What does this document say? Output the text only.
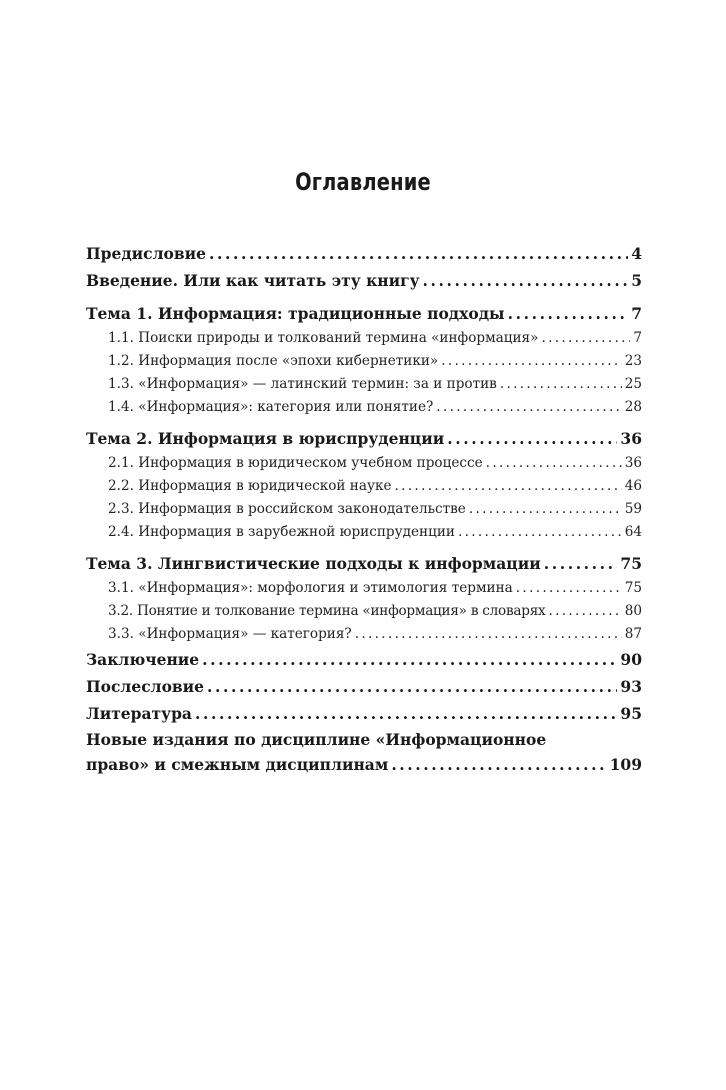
Оглавление
Предисловие . . .	4
Введение. Или как читать эту книгу . . .	5
Тема 1. Информация: традиционные подходы . . .	7
1.1. Поиски природы и толкований термина «информация» . . .	7
1.2. Информация после «эпохи кибернетики» . . .	23
1.3. «Информация» — латинский термин: за и против . . .	25
1.4. «Информация»: категория или понятие? . . .	28
Тема 2. Информация в юриспруденции . . .	36
2.1. Информация в юридическом учебном процессе . . .	36
2.2. Информация в юридической науке . . .	46
2.3. Информация в российском законодательстве . . .	59
2.4. Информация в зарубежной юриспруденции . . .	64
Тема 3. Лингвистические подходы к информации . . .	75
3.1. «Информация»: морфология и этимология термина . . .	75
3.2. Понятие и толкование термина «информация» в словарях . . .	80
3.3. «Информация» — категория? . . .	87
Заключение . . .	90
Послесловие . . .	93
Литература . . .	95
Новые издания по дисциплине «Информационное
право» и смежным дисциплинам . . .	109
